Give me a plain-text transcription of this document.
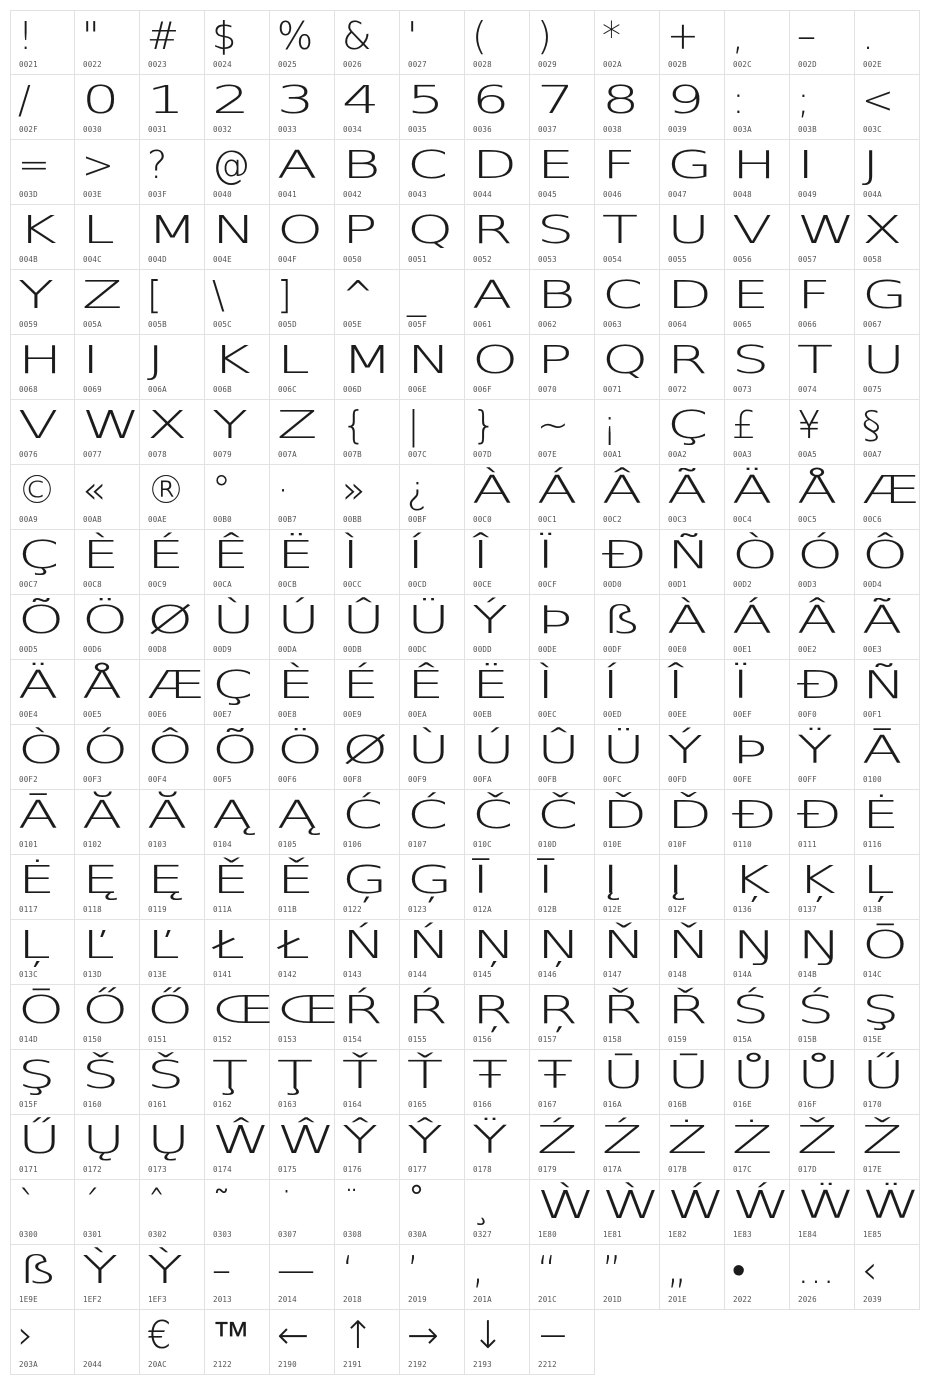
!
0021
"
0022
#
0023
$
0024
%
0025
&
0026
'
0027
(
0028
)
0029
*
002A
+
002B
,
002C
–
002D
.
002E
/
002F
0
0030
1
0031
2
0032
3
0033
4
0034
5
0035
6
0036
7
0037
8
0038
9
0039
:
003A
;
003B
<
003C
=
003D
>
003E
?
003F
@
0040
A
0041
B
0042
C
0043
D
0044
E
0045
F
0046
G
0047
H
0048
I
0049
J
004A
K
004B
L
004C
M
004D
N
004E
O
004F
P
0050
Q
0051
R
0052
S
0053
T
0054
U
0055
V
0056
W
0057
X
0058
Y
0059
Z
005A
[
005B
\
005C
]
005D
^
005E
_
005F
A
0061
B
0062
C
0063
D
0064
E
0065
F
0066
G
0067
H
0068
I
0069
J
006A
K
006B
L
006C
M
006D
N
006E
O
006F
P
0070
Q
0071
R
0072
S
0073
T
0074
U
0075
V
0076
W
0077
X
0078
Y
0079
Z
007A
{
007B
|
007C
}
007D
~
007E
¡
00A1
Ç
00A2
£
00A3
¥
00A5
§
00A7
©
00A9
«
00AB
®
00AE
°
00B0
·
00B7
»
00BB
¿
00BF
À
00C0
Á
00C1
Â
00C2
Ã
00C3
Ä
00C4
Å
00C5
Æ
00C6
Ç
00C7
È
00C8
É
00C9
Ê
00CA
Ë
00CB
Ì
00CC
Í
00CD
Î
00CE
Ï
00CF
Ð
00D0
Ñ
00D1
Ò
00D2
Ó
00D3
Ô
00D4
Õ
00D5
Ö
00D6
Ø
00D8
Ù
00D9
Ú
00DA
Û
00DB
Ü
00DC
Ý
00DD
Þ
00DE
ß
00DF
À
00E0
Á
00E1
Â
00E2
Ã
00E3
Ä
00E4
Å
00E5
Æ
00E6
Ç
00E7
È
00E8
É
00E9
Ê
00EA
Ë
00EB
Ì
00EC
Í
00ED
Î
00EE
Ï
00EF
Ð
00F0
Ñ
00F1
Ò
00F2
Ó
00F3
Ô
00F4
Õ
00F5
Ö
00F6
Ø
00F8
Ù
00F9
Ú
00FA
Û
00FB
Ü
00FC
Ý
00FD
Þ
00FE
Ÿ
00FF
Ā
0100
Ā
0101
Ă
0102
Ă
0103
Ą
0104
Ą
0105
Ć
0106
Ć
0107
Č
010C
Č
010D
Ď
010E
Ď
010F
Đ
0110
Đ
0111
Ė
0116
Ė
0117
Ę
0118
Ę
0119
Ě
011A
Ě
011B
Ģ
0122
Ģ
0123
Ī
012A
Ī
012B
Į
012E
Į
012F
Ķ
0136
Ķ
0137
Ļ
013B
Ļ
013C
Ľ
013D
Ľ
013E
Ł
0141
Ł
0142
Ń
0143
Ń
0144
Ņ
0145
Ņ
0146
Ň
0147
Ň
0148
Ŋ
014A
Ŋ
014B
Ō
014C
Ō
014D
Ő
0150
Ő
0151
Œ
0152
Œ
0153
Ŕ
0154
Ŕ
0155
Ŗ
0156
Ŗ
0157
Ř
0158
Ř
0159
Ś
015A
Ś
015B
Ş
015E
Ş
015F
Š
0160
Š
0161
Ţ
0162
Ţ
0163
Ť
0164
Ť
0165
Ŧ
0166
Ŧ
0167
Ū
016A
Ū
016B
Ů
016E
Ů
016F
Ű
0170
Ű
0171
Ų
0172
Ų
0173
Ŵ
0174
Ŵ
0175
Ŷ
0176
Ŷ
0177
Ÿ
0178
Ź
0179
Ź
017A
Ż
017B
Ż
017C
Ž
017D
Ž
017E
`
0300
´
0301
ˆ
0302
˜
0303
˙
0307
¨
0308
˚
030A
¸
0327
Ẁ
1E80
Ẁ
1E81
Ẃ
1E82
Ẃ
1E83
Ẅ
1E84
Ẅ
1E85
ß
1E9E
Ỳ
1EF2
Ỳ
1EF3
–
2013
—
2014
‘
2018
’
2019
‚
201A
“
201C
”
201D
„
201E
•
2022
…
2026
‹
2039
›
203A	2044
€
20AC
™
2122
←
2190
↑
2191
→
2192
↓
2193
−
2212
